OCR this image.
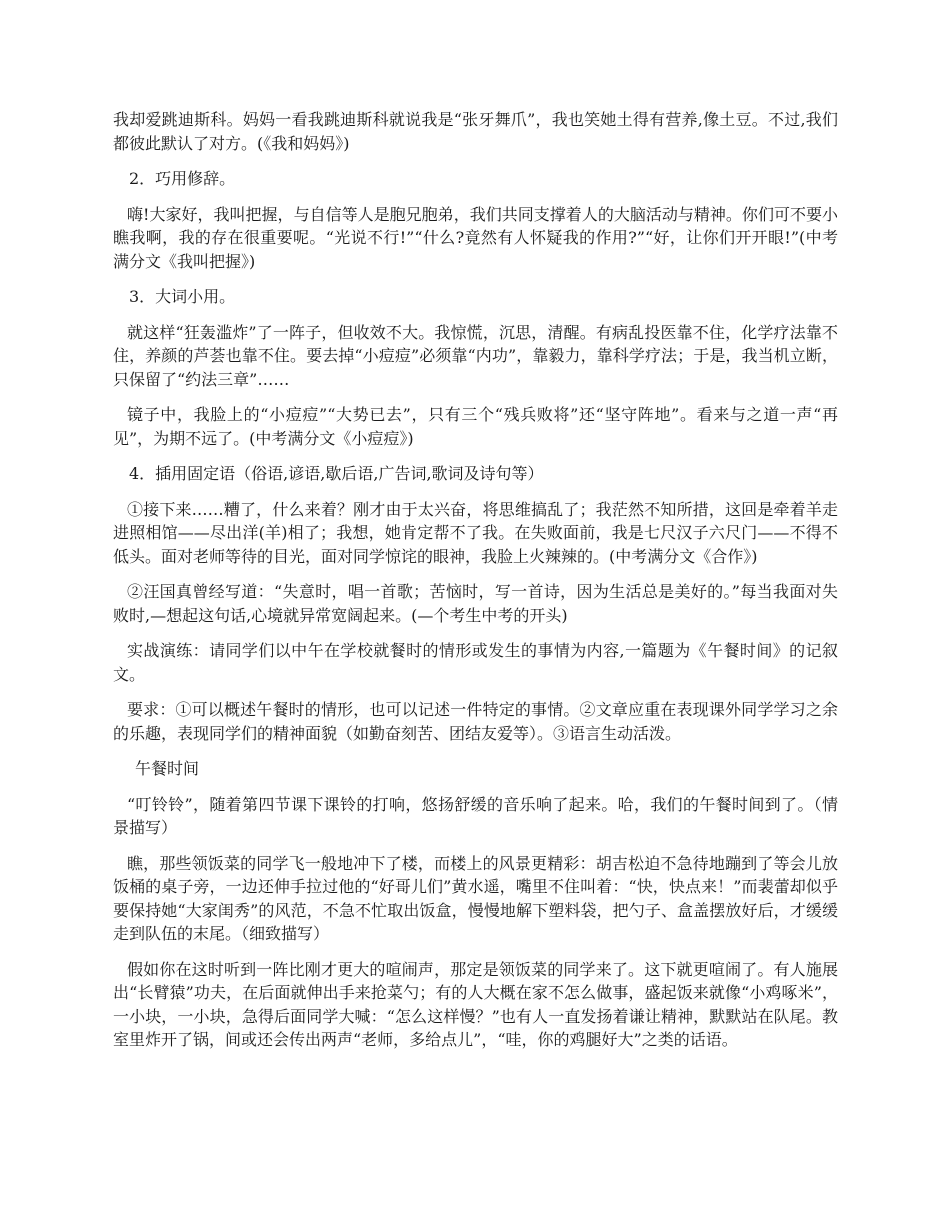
我却爱跳迪斯科。妈妈一看我跳迪斯科就说我是“张牙舞爪”，我也笑她土得有营养,像土豆。不过,我们都彼此默认了对方。(《我和妈妈》)

2．巧用修辞。

嗨!大家好，我叫把握，与自信等人是胞兄胞弟，我们共同支撑着人的大脑活动与精神。你们可不要小瞧我啊，我的存在很重要呢。“光说不行!”“什么?竟然有人怀疑我的作用?”“好，让你们开开眼!”(中考满分文《我叫把握》)

3．大词小用。

就这样“狂轰滥炸”了一阵子，但收效不大。我惊慌，沉思，清醒。有病乱投医靠不住，化学疗法靠不住，养颜的芦荟也靠不住。要去掉“小痘痘”必须靠“内功”，靠毅力，靠科学疗法；于是，我当机立断，只保留了“约法三章”……

镜子中，我脸上的“小痘痘”“大势已去”，只有三个“残兵败将”还“坚守阵地”。看来与之道一声“再见”，为期不远了。(中考满分文《小痘痘》)

4．插用固定语（俗语,谚语,歇后语,广告词,歌词及诗句等）

①接下来……糟了，什么来着？刚才由于太兴奋，将思维搞乱了；我茫然不知所措，这回是牵着羊走进照相馆——尽出洋(羊)相了；我想，她肯定帮不了我。在失败面前，我是七尺汉子六尺门——不得不低头。面对老师等待的目光，面对同学惊诧的眼神，我脸上火辣辣的。(中考满分文《合作》)

②汪国真曾经写道：“失意时，唱一首歌；苦恼时，写一首诗，因为生活总是美好的。”每当我面对失败时,—想起这句话,心境就异常宽阔起来。(—个考生中考的开头)

实战演练：请同学们以中午在学校就餐时的情形或发生的事情为内容,一篇题为《午餐时间》的记叙文。

要求：①可以概述午餐时的情形，也可以记述一件特定的事情。②文章应重在表现课外同学学习之余的乐趣，表现同学们的精神面貌（如勤奋刻苦、团结友爱等）。③语言生动活泼。

午餐时间

“叮铃铃”，随着第四节课下课铃的打响，悠扬舒缓的音乐响了起来。哈，我们的午餐时间到了。（情景描写）

瞧，那些领饭菜的同学飞一般地冲下了楼，而楼上的风景更精彩：胡吉松迫不急待地蹦到了等会儿放饭桶的桌子旁，一边还伸手拉过他的“好哥儿们”黄水遥，嘴里不住叫着：“快，快点来！”而裴蕾却似乎要保持她“大家闺秀”的风范，不急不忙取出饭盒，慢慢地解下塑料袋，把勺子、盒盖摆放好后，才缓缓走到队伍的末尾。（细致描写）

假如你在这时听到一阵比刚才更大的喧闹声，那定是领饭菜的同学来了。这下就更喧闹了。有人施展出“长臂猿”功夫，在后面就伸出手来抢菜勺；有的人大概在家不怎么做事，盛起饭来就像“小鸡啄米”，一小块，一小块，急得后面同学大喊：“怎么这样慢？”也有人一直发扬着谦让精神，默默站在队尾。教室里炸开了锅，间或还会传出两声“老师，多给点儿”，“哇，你的鸡腿好大”之类的话语。
